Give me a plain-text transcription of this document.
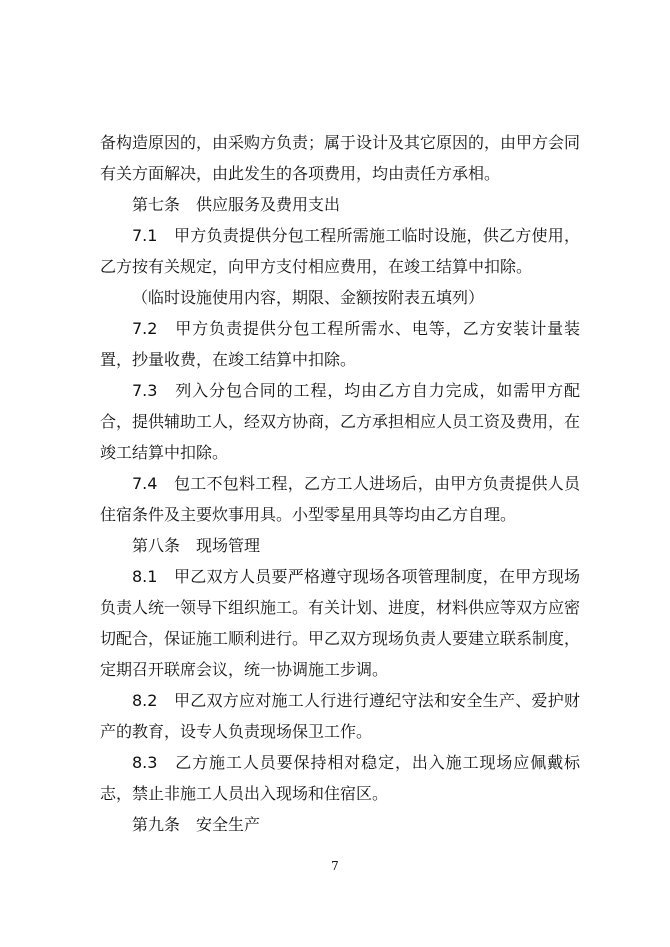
备构造原因的，由采购方负责；属于设计及其它原因的，由甲方会同有关方面解决，由此发生的各项费用，均由责任方承相。

第七条　供应服务及费用支出

7.1　甲方负责提供分包工程所需施工临时设施，供乙方使用，乙方按有关规定，向甲方支付相应费用，在竣工结算中扣除。

（临时设施使用内容，期限、金额按附表五填列）

7.2　甲方负责提供分包工程所需水、电等，乙方安装计量装置，抄量收费，在竣工结算中扣除。

7.3　列入分包合同的工程，均由乙方自力完成，如需甲方配合，提供辅助工人，经双方协商，乙方承担相应人员工资及费用，在竣工结算中扣除。

7.4　包工不包料工程，乙方工人进场后，由甲方负责提供人员住宿条件及主要炊事用具。小型零星用具等均由乙方自理。

第八条　现场管理

8.1　甲乙双方人员要严格遵守现场各项管理制度，在甲方现场负责人统一领导下组织施工。有关计划、进度，材料供应等双方应密切配合，保证施工顺利进行。甲乙双方现场负责人要建立联系制度，定期召开联席会议，统一协调施工步调。

8.2　甲乙双方应对施工人行进行遵纪守法和安全生产、爱护财产的教育，设专人负责现场保卫工作。

8.3　乙方施工人员要保持相对稳定，出入施工现场应佩戴标志，禁止非施工人员出入现场和住宿区。

第九条　安全生产

7
